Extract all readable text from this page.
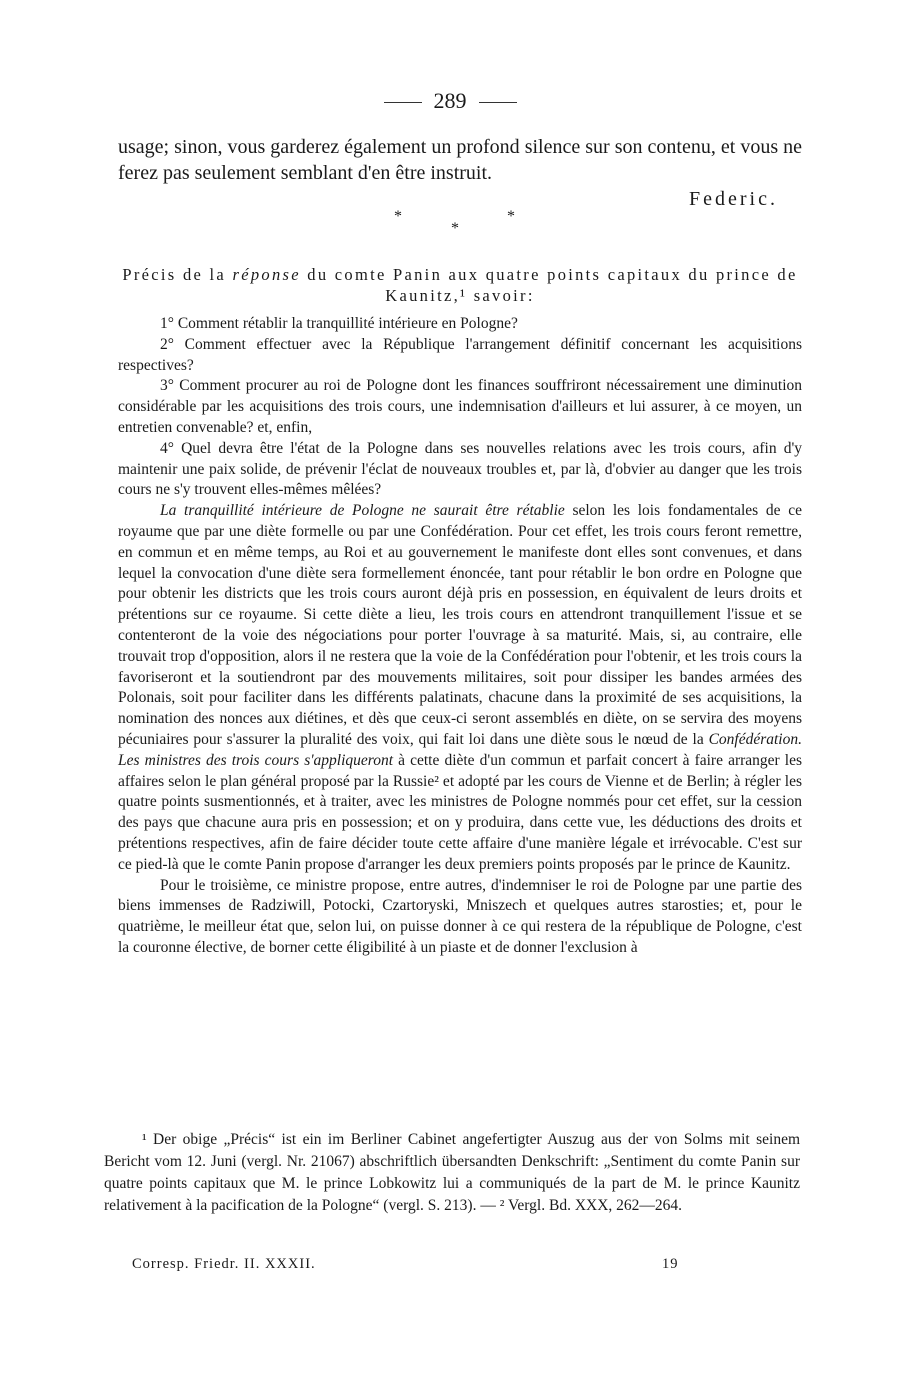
289
usage; sinon, vous garderez également un profond silence sur son contenu, et vous ne ferez pas seulement semblant d'en être instruit.
Federic.
*	*
*
Précis de la réponse du comte Panin aux quatre points capitaux du prince de Kaunitz,¹ savoir:

1° Comment rétablir la tranquillité intérieure en Pologne?

2° Comment effectuer avec la République l'arrangement définitif concernant les acquisitions respectives?

3° Comment procurer au roi de Pologne dont les finances souffriront nécessairement une diminution considérable par les acquisitions des trois cours, une indemnisation d'ailleurs et lui assurer, à ce moyen, un entretien convenable? et, enfin,

4° Quel devra être l'état de la Pologne dans ses nouvelles relations avec les trois cours, afin d'y maintenir une paix solide, de prévenir l'éclat de nouveaux troubles et, par là, d'obvier au danger que les trois cours ne s'y trouvent elles-mêmes mêlées?

La tranquillité intérieure de Pologne ne saurait être rétablie selon les lois fondamentales de ce royaume que par une diète formelle ou par une Confédération. Pour cet effet, les trois cours feront remettre, en commun et en même temps, au Roi et au gouvernement le manifeste dont elles sont convenues, et dans lequel la convocation d'une diète sera formellement énoncée, tant pour rétablir le bon ordre en Pologne que pour obtenir les districts que les trois cours auront déjà pris en possession, en équivalent de leurs droits et prétentions sur ce royaume. Si cette diète a lieu, les trois cours en attendront tranquillement l'issue et se contenteront de la voie des négociations pour porter l'ouvrage à sa maturité. Mais, si, au contraire, elle trouvait trop d'opposition, alors il ne restera que la voie de la Confédération pour l'obtenir, et les trois cours la favoriseront et la soutiendront par des mouvements militaires, soit pour dissiper les bandes armées des Polonais, soit pour faciliter dans les différents palatinats, chacune dans la proximité de ses acquisitions, la nomination des nonces aux diétines, et dès que ceux-ci seront assemblés en diète, on se servira des moyens pécuniaires pour s'assurer la pluralité des voix, qui fait loi dans une diète sous le nœud de la Confédération. Les ministres des trois cours s'appliqueront à cette diète d'un commun et parfait concert à faire arranger les affaires selon le plan général proposé par la Russie² et adopté par les cours de Vienne et de Berlin; à régler les quatre points susmentionnés, et à traiter, avec les ministres de Pologne nommés pour cet effet, sur la cession des pays que chacune aura pris en possession; et on y produira, dans cette vue, les déductions des droits et prétentions respectives, afin de faire décider toute cette affaire d'une manière légale et irrévocable. C'est sur ce pied-là que le comte Panin propose d'arranger les deux premiers points proposés par le prince de Kaunitz.

Pour le troisième, ce ministre propose, entre autres, d'indemniser le roi de Pologne par une partie des biens immenses de Radziwill, Potocki, Czartoryski, Mniszech et quelques autres starosties; et, pour le quatrième, le meilleur état que, selon lui, on puisse donner à ce qui restera de la république de Pologne, c'est la couronne élective, de borner cette éligibilité à un piaste et de donner l'exclusion à

¹ Der obige „Précis“ ist ein im Berliner Cabinet angefertigter Auszug aus der von Solms mit seinem Bericht vom 12. Juni (vergl. Nr. 21067) abschriftlich übersandten Denkschrift: „Sentiment du comte Panin sur quatre points capitaux que M. le prince Lobkowitz lui a communiqués de la part de M. le prince Kaunitz relativement à la pacification de la Pologne“ (vergl. S. 213). — ² Vergl. Bd. XXX, 262—264.

Corresp. Friedr. II. XXXII.	19
